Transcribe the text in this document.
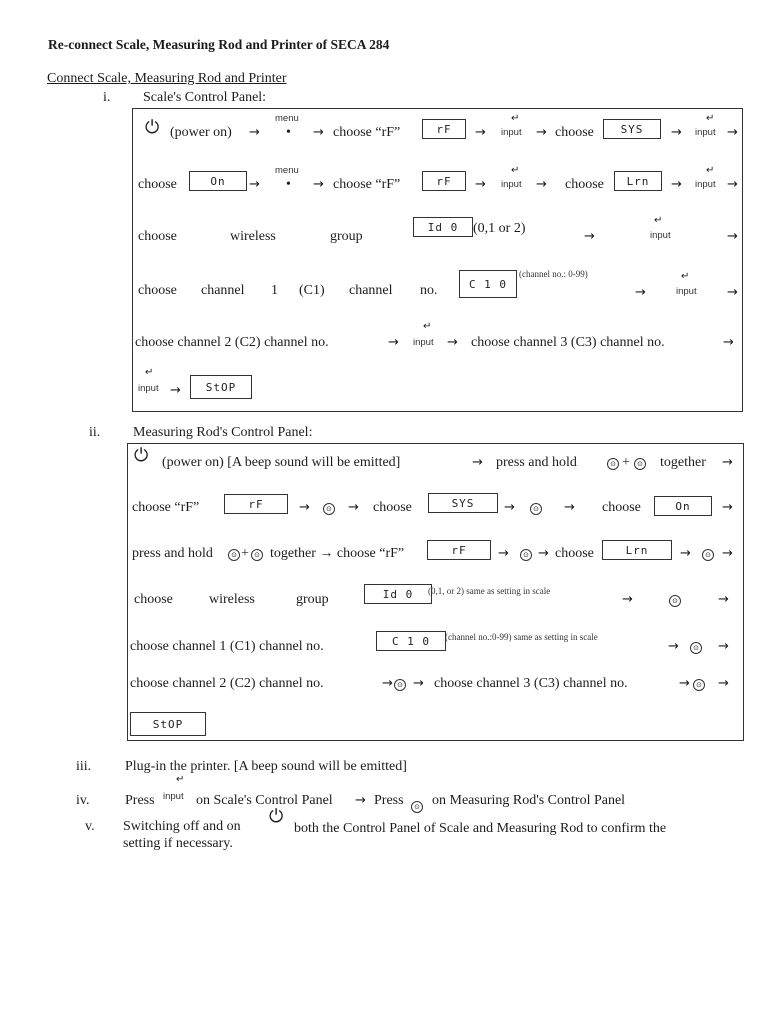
Re-connect Scale, Measuring Rod and Printer of SECA 284
Connect Scale, Measuring Rod and Printer
i. Scale's Control Panel:
⏻ (power on) →
menu
• → choose “rF”	rF	→
↵
input → choose	SYS	→
↵
input →
choose	On	→
menu
• → choose “rF”	rF	→
↵
input → choose	Lrn	→
↵
input →
choose	wireless	group
Id 0	(0,1 or 2)
→
↵
input	→
choose channel 1 (C1) channel no.	C 1 0
(channel no.: 0-99)
→
↵
input →
choose channel 2 (C2) channel no.	→
↵
input → choose channel 3 (C3) channel no.	→
↵
input →	StOP
ii. Measuring Rod's Control Panel:
⏻ (power on) [A beep sound will be emitted]	→ press and hold	⊙ +	⊙ together →
choose “rF”	rF	→	⊙ → choose	SYS	→	⊙ → choose	On	→
press and hold	⊙ + ⊙ together → choose “rF”	rF	→	⊙ → choose	Lrn	→	⊙ →
choose	wireless	group	Id 0	(0,1, or 2) same as setting in scale
→	⊙	→
choose channel 1 (C1) channel no.	C 1 0	(channel no.:0-99) same as setting in scale
→	⊙ →
choose channel 2 (C2) channel no.	→ ⊙ → choose channel 3 (C3) channel no.	→ ⊙ →
StOP
iii. Plug-in the printer. [A beep sound will be emitted]
iv.	Press
↵
input on Scale's Control Panel → Press	⊙ on Measuring Rod's Control Panel
v. Switching off and on ⏻
both the Control Panel of Scale and Measuring Rod to confirm the
setting if necessary.
